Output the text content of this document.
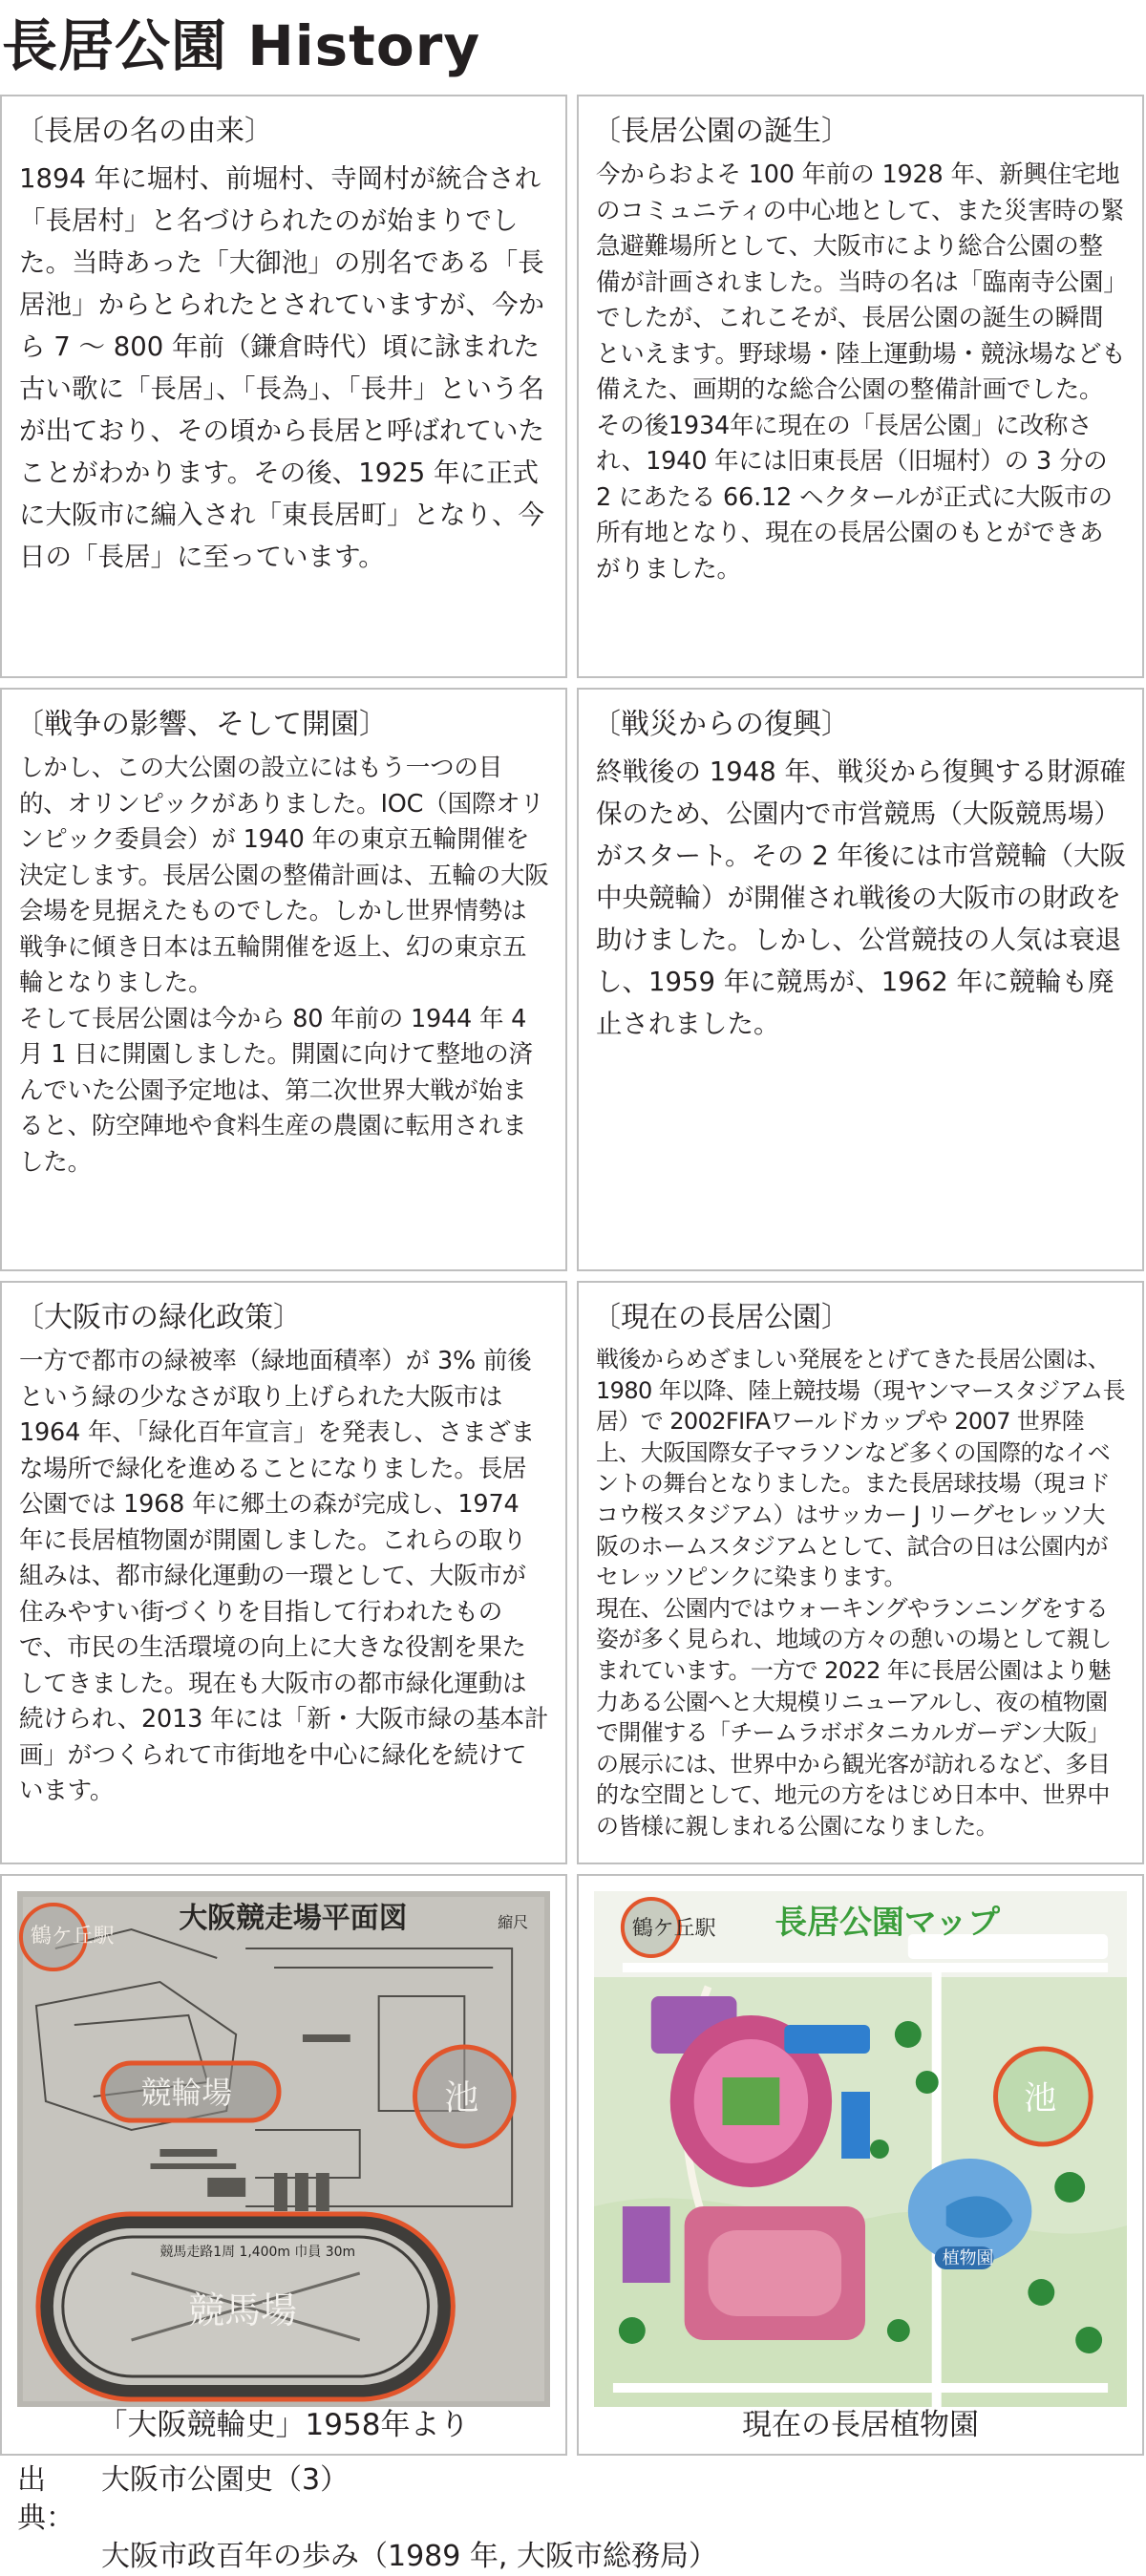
長居公園 History
〔長居の名の由来〕

1894 年に堀村、前堀村、寺岡村が統合され「長居村」と名づけられたのが始まりでした。当時あった「大御池」の別名である「長居池」からとられたとされていますが、今から 7 〜 800 年前（鎌倉時代）頃に詠まれた古い歌に「長居」、「長為」、「長井」という名が出ており、その頃から長居と呼ばれていたことがわかります。その後、1925 年に正式に大阪市に編入され「東長居町」となり、今日の「長居」に至っています。

〔長居公園の誕生〕

今からおよそ 100 年前の 1928 年、新興住宅地のコミュニティの中心地として、また災害時の緊急避難場所として、大阪市により総合公園の整備が計画されました。当時の名は「臨南寺公園」でしたが、これこそが、長居公園の誕生の瞬間といえます。野球場・陸上運動場・競泳場なども備えた、画期的な総合公園の整備計画でした。その後1934年に現在の「長居公園」に改称され、1940 年には旧東長居（旧堀村）の 3 分の 2 にあたる 66.12 ヘクタールが正式に大阪市の所有地となり、現在の長居公園のもとができあがりました。

〔戦争の影響、そして開園〕

しかし、この大公園の設立にはもう一つの目的、オリンピックがありました。IOC（国際オリンピック委員会）が 1940 年の東京五輪開催を決定します。長居公園の整備計画は、五輪の大阪会場を見据えたものでした。しかし世界情勢は戦争に傾き日本は五輪開催を返上、幻の東京五輪となりました。

そして長居公園は今から 80 年前の 1944 年 4 月 1 日に開園しました。開園に向けて整地の済んでいた公園予定地は、第二次世界大戦が始まると、防空陣地や食料生産の農園に転用されました。

〔戦災からの復興〕

終戦後の 1948 年、戦災から復興する財源確保のため、公園内で市営競馬（大阪競馬場）がスタート。その 2 年後には市営競輪（大阪中央競輪）が開催され戦後の大阪市の財政を助けました。しかし、公営競技の人気は衰退し、1959 年に競馬が、1962 年に競輪も廃止されました。

〔大阪市の緑化政策〕

一方で都市の緑被率（緑地面積率）が 3% 前後という緑の少なさが取り上げられた大阪市は1964 年、「緑化百年宣言」を発表し、さまざまな場所で緑化を進めることになりました。長居公園では 1968 年に郷土の森が完成し、1974 年に長居植物園が開園しました。これらの取り組みは、都市緑化運動の一環として、大阪市が住みやすい街づくりを目指して行われたもので、市民の生活環境の向上に大きな役割を果たしてきました。現在も大阪市の都市緑化運動は続けられ、2013 年には「新・大阪市緑の基本計画」がつくられて市街地を中心に緑化を続けています。

〔現在の長居公園〕

戦後からめざましい発展をとげてきた長居公園は、1980 年以降、陸上競技場（現ヤンマースタジアム長居）で 2002FIFAワールドカップや 2007 世界陸上、大阪国際女子マラソンなど多くの国際的なイベントの舞台となりました。また長居球技場（現ヨドコウ桜スタジアム）はサッカー J リーグセレッソ大阪のホームスタジアムとして、試合の日は公園内がセレッソピンクに染まります。

現在、公園内ではウォーキングやランニングをする姿が多く見られ、地域の方々の憩いの場として親しまれています。一方で 2022 年に長居公園はより魅力ある公園へと大規模リニューアルし、夜の植物園で開催する「チームラボボタニカルガーデン大阪」の展示には、世界中から観光客が訪れるなど、多目的な空間として、地元の方をはじめ日本中、世界中の皆様に親しまれる公園になりました。

大阪競走場平面図	縮尺
鶴ケ丘駅
競輪場	池
競馬走路1周 1,400m 巾員 30m
競馬場
「大阪競輪史」1958年より
鶴ケ丘駅 長居公園マップ
池
植物園
現在の長居植物園
出典：
大阪市公園史（3）
大阪市政百年の歩み（1989 年, 大阪市総務局）
